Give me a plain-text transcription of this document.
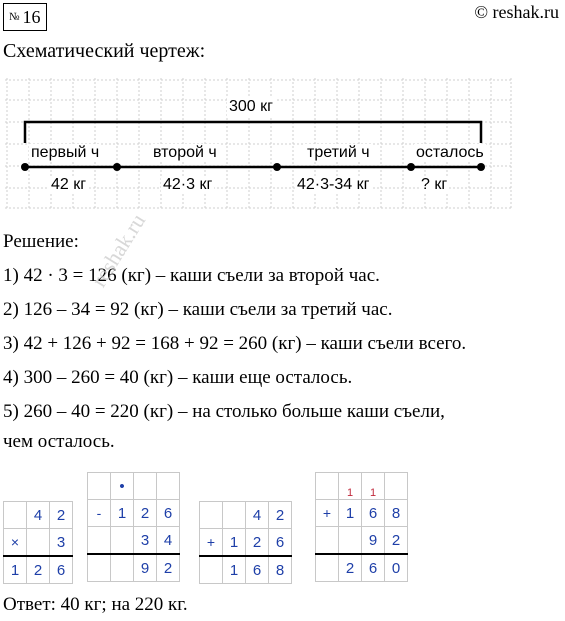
№ 16	© reshak.ru
Схематический чертеж:
300 кг
первый ч	второй ч	третий ч	осталось
42 кг	42·3 кг	42·3-34 кг	? кг
Решение:
1) 42 · 3 = 126 (кг) – каши съели за второй час.
2) 126 – 34 = 92 (кг) – каши съели за третий час.
3) 42 + 126 + 92 = 168 + 92 = 260 (кг) – каши съели всего.
4) 300 – 260 = 40 (кг) – каши еще осталось.
5) 260 – 40 = 220 (кг) – на столько больше каши съели,
чем осталось.
	4	2
×		3
1	2	6
	•		
-	1	2	6
		3	4
		9	2
		4	2
+	1	2	6
	1	6	8
	1	1	
+	1	6	8
		9	2
	2	6	0
Ответ: 40 кг; на 220 кг.
reshak.ru
